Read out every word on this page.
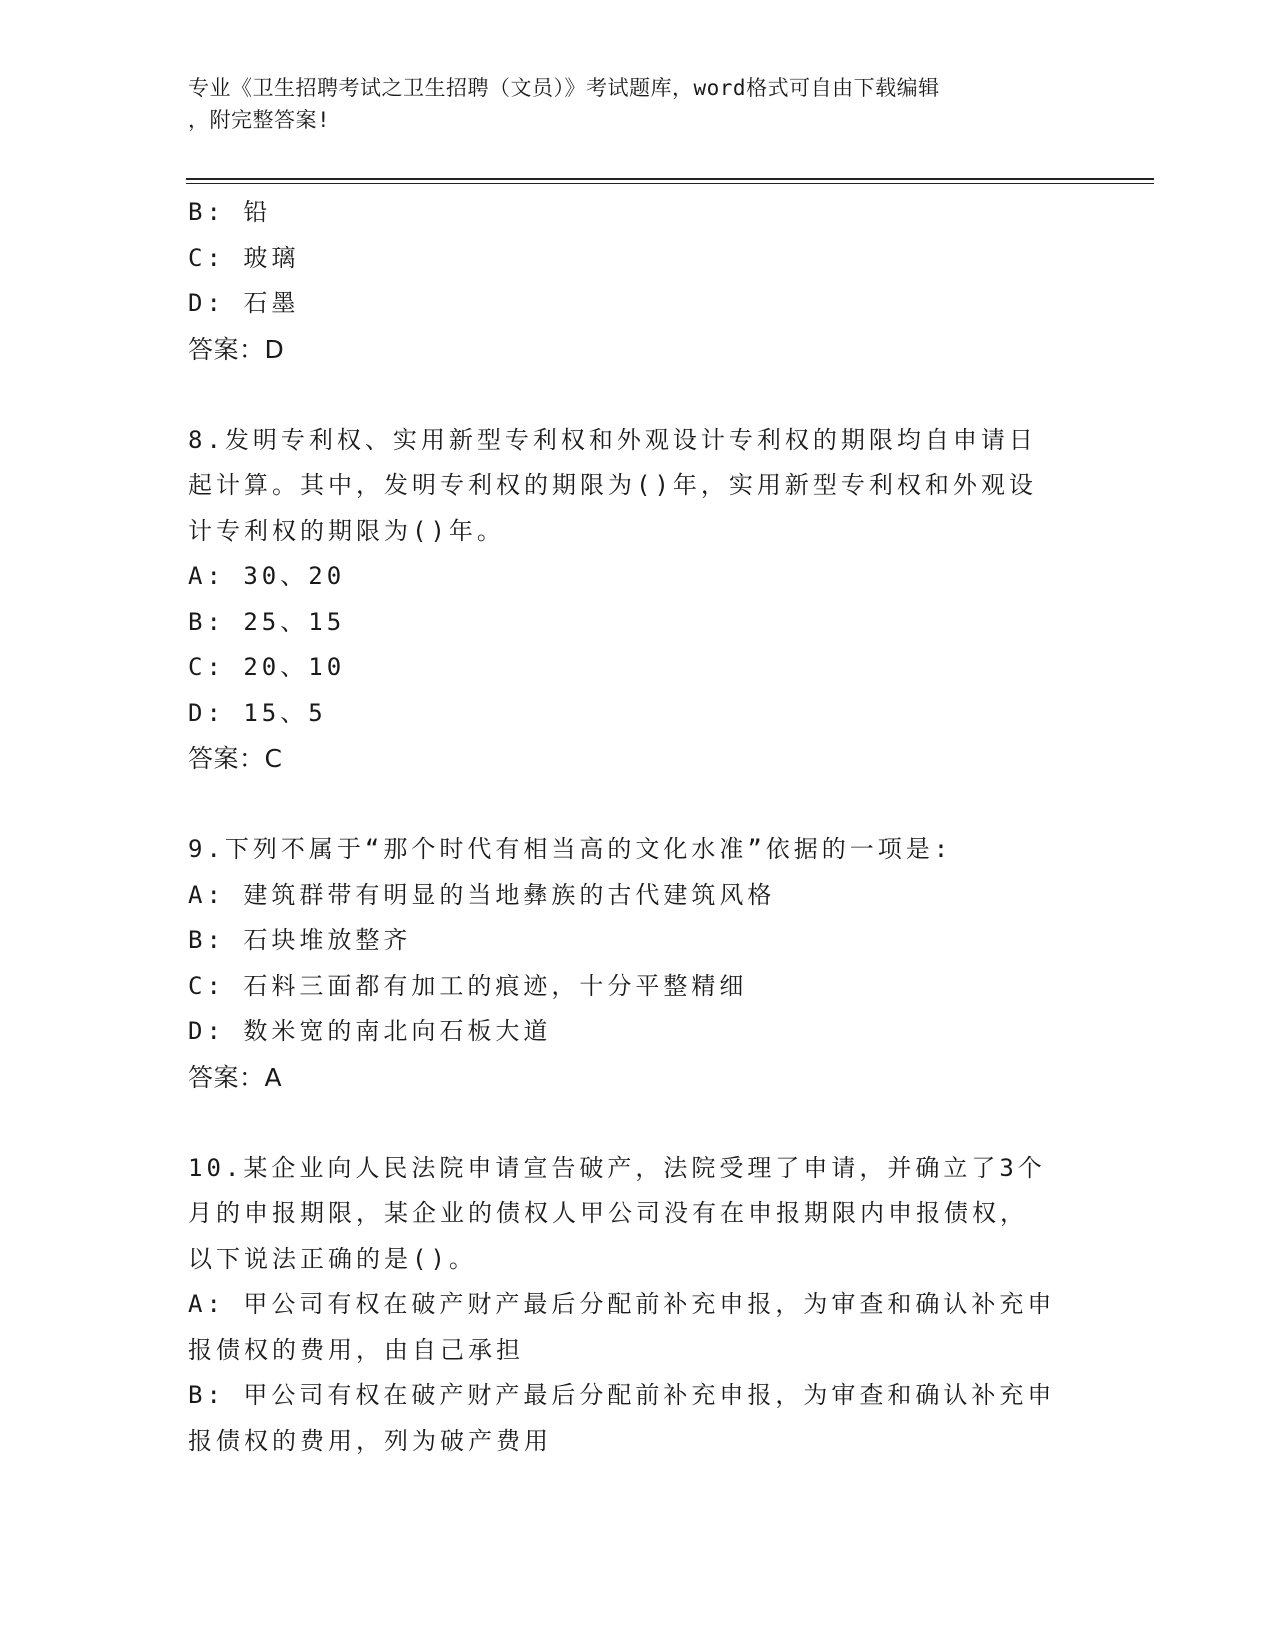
专业《卫生招聘考试之卫生招聘（文员）》考试题库，word格式可自由下载编辑
，附完整答案!
B: 铅
C: 玻璃
D: 石墨
答案：D
8.发明专利权、实用新型专利权和外观设计专利权的期限均自申请日
起计算。其中，发明专利权的期限为()年，实用新型专利权和外观设
计专利权的期限为()年。
A: 30、20
B: 25、15
C: 20、10
D: 15、5
答案：C
9.下列不属于“那个时代有相当高的文化水准”依据的一项是:
A: 建筑群带有明显的当地彝族的古代建筑风格
B: 石块堆放整齐
C: 石料三面都有加工的痕迹，十分平整精细
D: 数米宽的南北向石板大道
答案：A
10.某企业向人民法院申请宣告破产，法院受理了申请，并确立了3个
月的申报期限，某企业的债权人甲公司没有在申报期限内申报债权，
以下说法正确的是()。
A: 甲公司有权在破产财产最后分配前补充申报，为审查和确认补充申
报债权的费用，由自己承担
B: 甲公司有权在破产财产最后分配前补充申报，为审查和确认补充申
报债权的费用，列为破产费用
